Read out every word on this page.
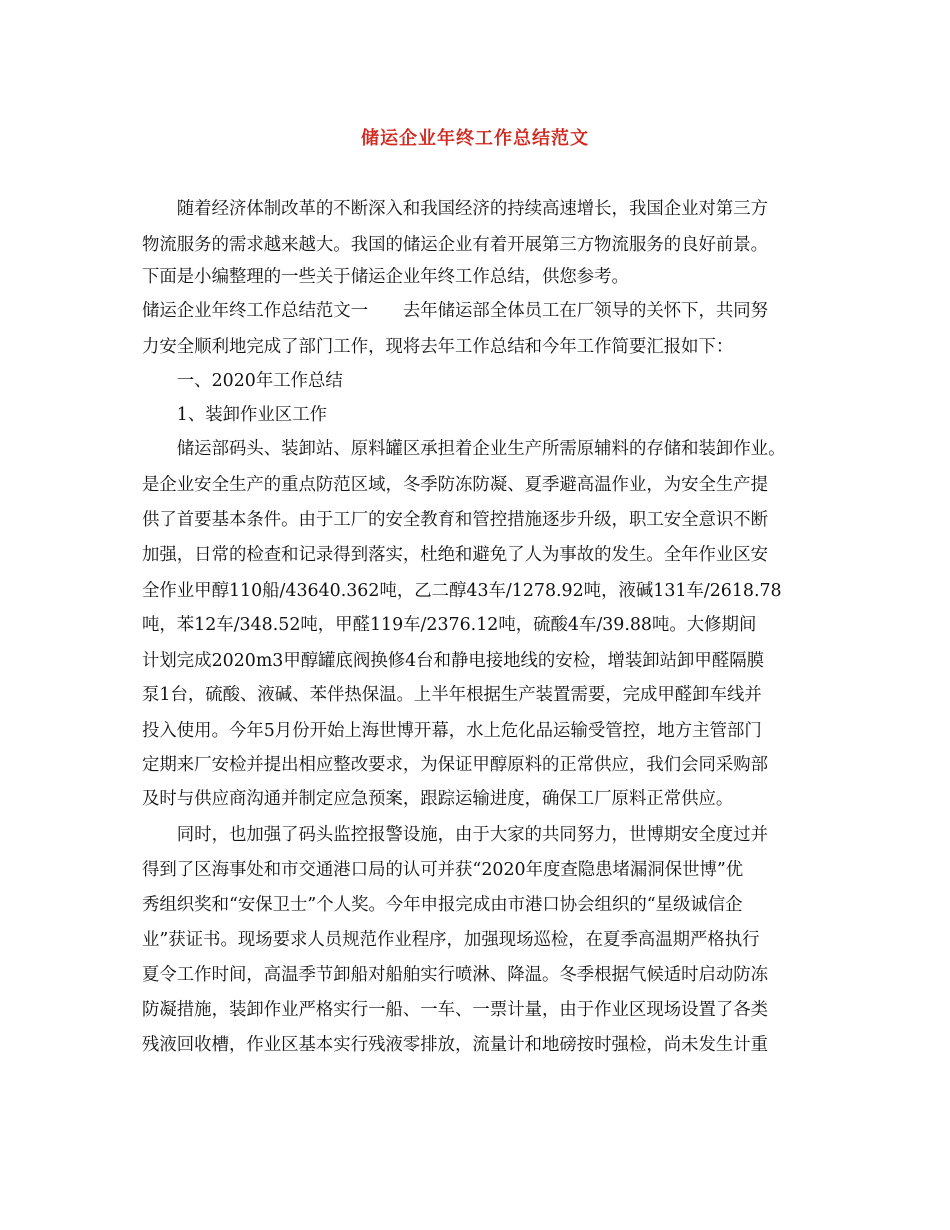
储运企业年终工作总结范文
　　随着经济体制改革的不断深入和我国经济的持续高速增长，我国企业对第三方
物流服务的需求越来越大。我国的储运企业有着开展第三方物流服务的良好前景。
下面是小编整理的一些关于储运企业年终工作总结，供您参考。
储运企业年终工作总结范文一　　去年储运部全体员工在厂领导的关怀下，共同努
力安全顺利地完成了部门工作，现将去年工作总结和今年工作简要汇报如下：
　　一、2020年工作总结
　　1、装卸作业区工作
　　储运部码头、装卸站、原料罐区承担着企业生产所需原辅料的存储和装卸作业。
是企业安全生产的重点防范区域，冬季防冻防凝、夏季避高温作业，为安全生产提
供了首要基本条件。由于工厂的安全教育和管控措施逐步升级，职工安全意识不断
加强，日常的检查和记录得到落实，杜绝和避免了人为事故的发生。全年作业区安
全作业甲醇110船/43640.362吨，乙二醇43车/1278.92吨，液碱131车/2618.78
吨，苯12车/348.52吨，甲醛119车/2376.12吨，硫酸4车/39.88吨。大修期间
计划完成2020m3甲醇罐底阀换修4台和静电接地线的安检，增装卸站卸甲醛隔膜
泵1台，硫酸、液碱、苯伴热保温。上半年根据生产装置需要，完成甲醛卸车线并
投入使用。今年5月份开始上海世博开幕，水上危化品运输受管控，地方主管部门
定期来厂安检并提出相应整改要求，为保证甲醇原料的正常供应，我们会同采购部
及时与供应商沟通并制定应急预案，跟踪运输进度，确保工厂原料正常供应。
　　同时，也加强了码头监控报警设施，由于大家的共同努力，世博期安全度过并
得到了区海事处和市交通港口局的认可并获“2020年度查隐患堵漏洞保世博”优
秀组织奖和“安保卫士”个人奖。今年申报完成由市港口协会组织的“星级诚信企
业”获证书。现场要求人员规范作业程序，加强现场巡检，在夏季高温期严格执行
夏令工作时间，高温季节卸船对船舶实行喷淋、降温。冬季根据气候适时启动防冻
防凝措施，装卸作业严格实行一船、一车、一票计量，由于作业区现场设置了各类
残液回收槽，作业区基本实行残液零排放，流量计和地磅按时强检，尚未发生计重
